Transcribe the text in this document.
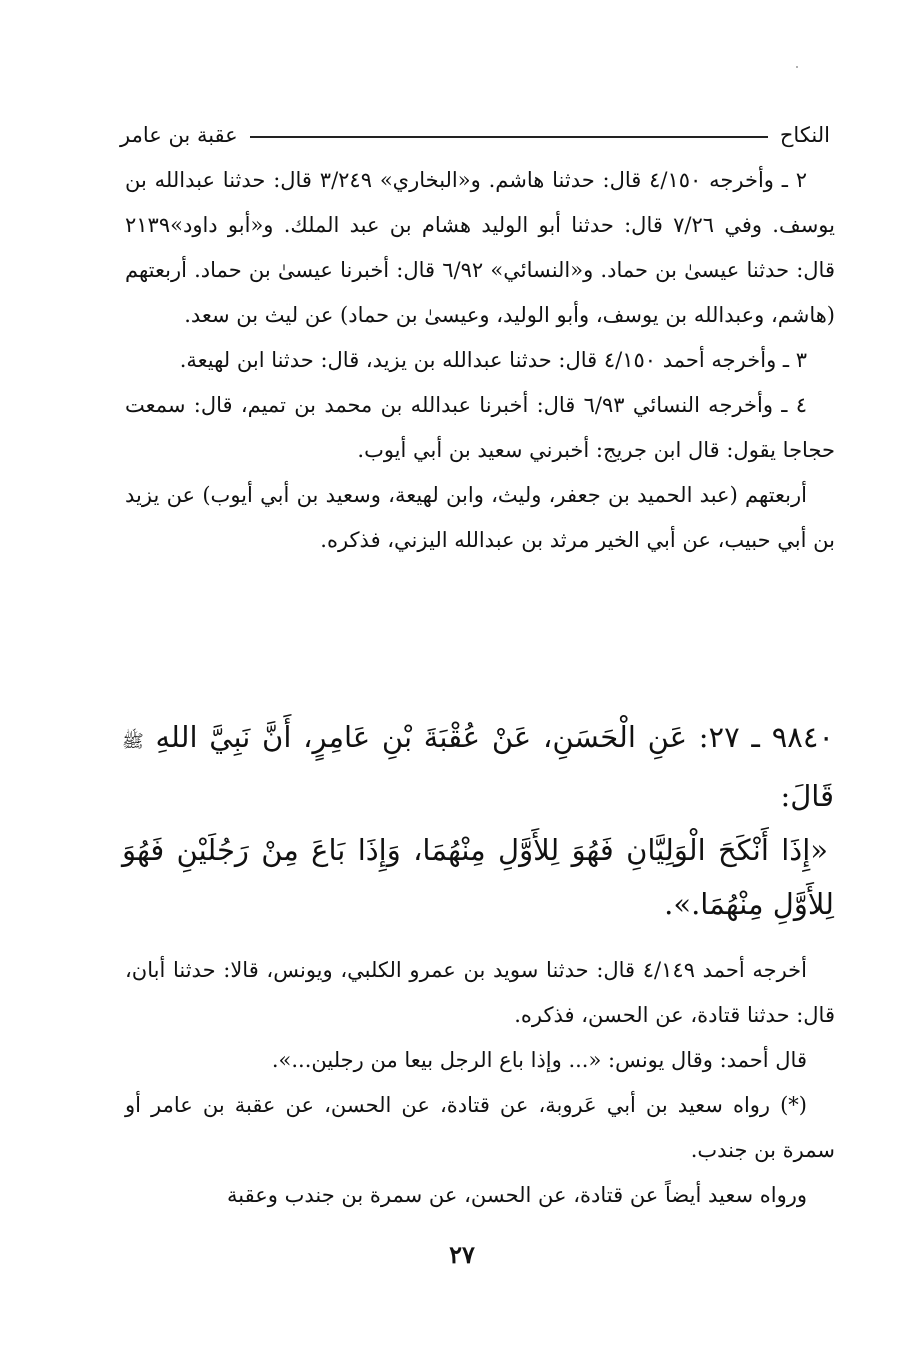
النكاح
عقبة بن عامر

٢ ـ وأخرجه ٤/١٥٠ قال: حدثنا هاشم. و«البخاري» ٣/٢٤٩ قال: حدثنا عبدالله بن يوسف. وفي ٧/٢٦ قال: حدثنا أبو الوليد هشام بن عبد الملك. و«أبو داود»٢١٣٩ قال: حدثنا عيسىٰ بن حماد. و«النسائي» ٦/٩٢ قال: أخبرنا عيسىٰ بن حماد. أربعتهم (هاشم، وعبدالله بن يوسف، وأبو الوليد، وعيسىٰ بن حماد) عن ليث بن سعد.

٣ ـ وأخرجه أحمد ٤/١٥٠ قال: حدثنا عبدالله بن يزيد، قال: حدثنا ابن لهيعة.

٤ ـ وأخرجه النسائي ٦/٩٣ قال: أخبرنا عبدالله بن محمد بن تميم، قال: سمعت حجاجا يقول: قال ابن جريج: أخبرني سعيد بن أبي أيوب.

أربعتهم (عبد الحميد بن جعفر، وليث، وابن لهيعة، وسعيد بن أبي أيوب) عن يزيد بن أبي حبيب، عن أبي الخير مرثد بن عبدالله اليزني، فذكره.

٩٨٤٠ ـ ٢٧: عَنِ الْحَسَنِ، عَنْ عُقْبَةَ بْنِ عَامِرٍ، أَنَّ نَبِيَّ اللهِ ﷺ قَالَ:

«إِذَا أَنْكَحَ الْوَلِيَّانِ فَهُوَ لِلأَوَّلِ مِنْهُمَا، وَإِذَا بَاعَ مِنْ رَجُلَيْنِ فَهُوَ لِلأَوَّلِ مِنْهُمَا.».

أخرجه أحمد ٤/١٤٩ قال: حدثنا سويد بن عمرو الكلبي، ويونس، قالا: حدثنا أبان، قال: حدثنا قتادة، عن الحسن، فذكره.

قال أحمد: وقال يونس: «... وإذا باع الرجل بيعا من رجلين...».

(*) رواه سعيد بن أبي عَروبة، عن قتادة، عن الحسن، عن عقبة بن عامر أو سمرة بن جندب.

ورواه سعيد أيضاً عن قتادة، عن الحسن، عن سمرة بن جندب وعقبة

٢٧
